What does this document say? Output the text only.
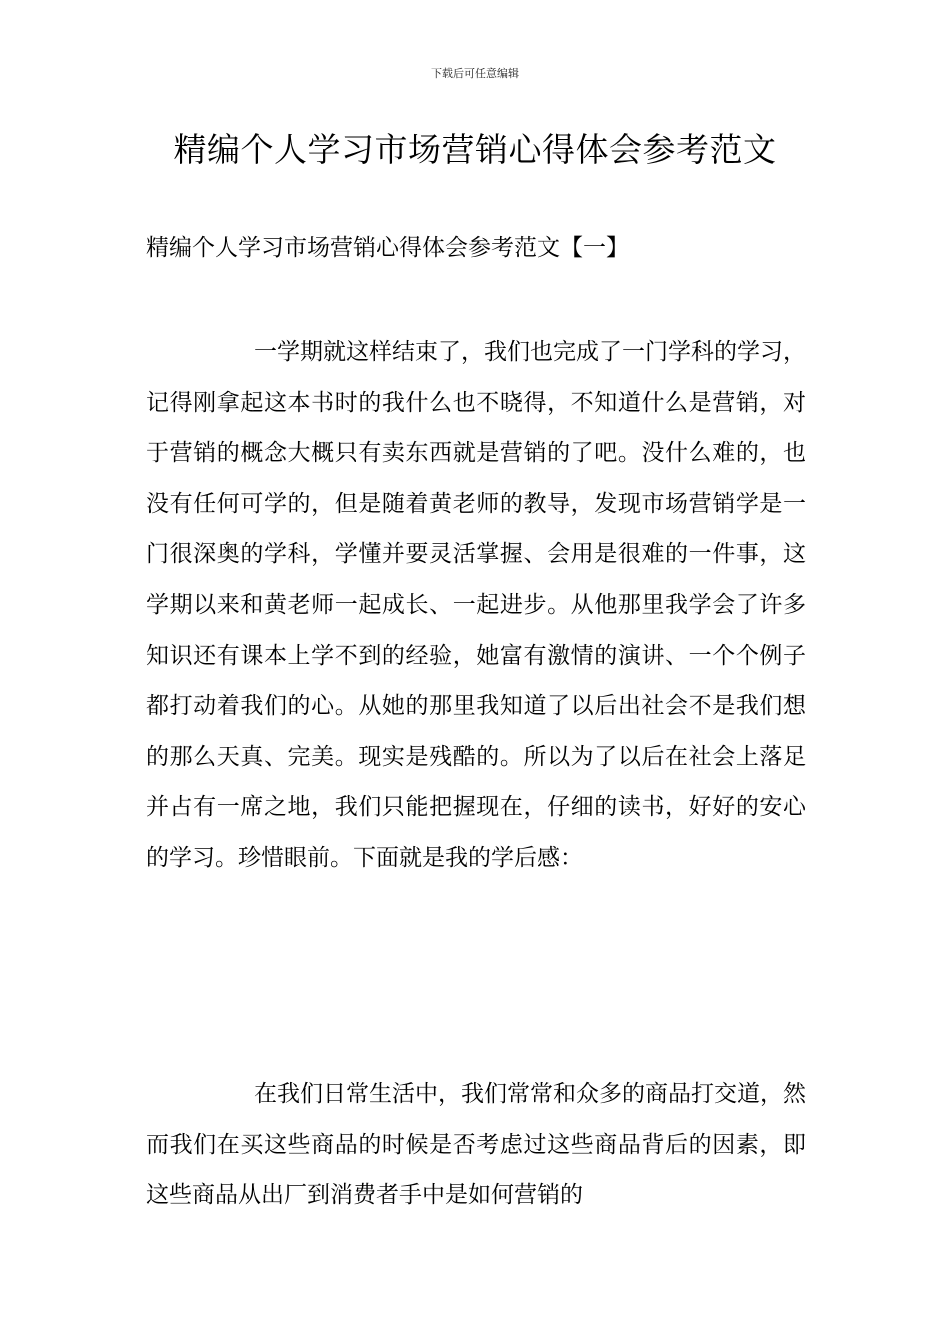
下载后可任意编辑
精编个人学习市场营销心得体会参考范文
精编个人学习市场营销心得体会参考范文【一】

一学期就这样结束了，我们也完成了一门学科的学习，记得刚拿起这本书时的我什么也不晓得，不知道什么是营销，对于营销的概念大概只有卖东西就是营销的了吧。没什么难的，也没有任何可学的，但是随着黄老师的教导，发现市场营销学是一门很深奥的学科，学懂并要灵活掌握、会用是很难的一件事，这学期以来和黄老师一起成长、一起进步。从他那里我学会了许多知识还有课本上学不到的经验，她富有激情的演讲、一个个例子都打动着我们的心。从她的那里我知道了以后出社会不是我们想的那么天真、完美。现实是残酷的。所以为了以后在社会上落足并占有一席之地，我们只能把握现在，仔细的读书，好好的安心的学习。珍惜眼前。下面就是我的学后感：

在我们日常生活中，我们常常和众多的商品打交道，然而我们在买这些商品的时候是否考虑过这些商品背后的因素，即这些商品从出厂到消费者手中是如何营销的
